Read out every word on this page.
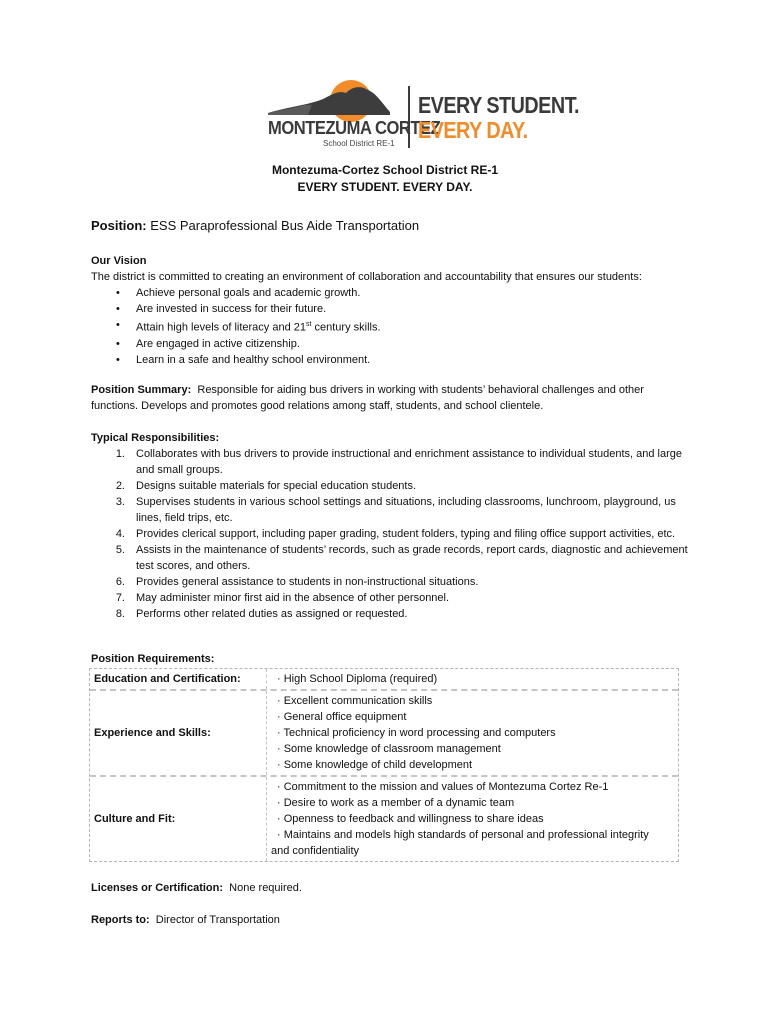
MONTEZUMA CORTEZ
School District RE-1
EVERY STUDENT.
EVERY DAY.
Montezuma-Cortez School District RE-1
EVERY STUDENT. EVERY DAY.
Position: ESS Paraprofessional Bus Aide Transportation
Our Vision
The district is committed to creating an environment of collaboration and accountability that ensures our students:
• Achieve personal goals and academic growth.
• Are invested in success for their future.
• Attain high levels of literacy and 21st century skills.
• Are engaged in active citizenship.
• Learn in a safe and healthy school environment.
Position Summary: Responsible for aiding bus drivers in working with students’ behavioral challenges and other functions. Develops and promotes good relations among staff, students, and school clientele.
Typical Responsibilities:
1. Collaborates with bus drivers to provide instructional and enrichment assistance to individual students, and large and small groups.
2. Designs suitable materials for special education students.
3. Supervises students in various school settings and situations, including classrooms, lunchroom, playground, us lines, field trips, etc.
4. Provides clerical support, including paper grading, student folders, typing and filing office support activities, etc.
5. Assists in the maintenance of students’ records, such as grade records, report cards, diagnostic and achievement test scores, and others.
6. Provides general assistance to students in non-instructional situations.
7. May administer minor first aid in the absence of other personnel.
8. Performs other related duties as assigned or requested.
Position Requirements:
Education and Certification:	· High School Diploma (required)
Experience and Skills:
· Excellent communication skills
· General office equipment
· Technical proficiency in word processing and computers
· Some knowledge of classroom management
· Some knowledge of child development
Culture and Fit:
· Commitment to the mission and values of Montezuma Cortez Re-1
· Desire to work as a member of a dynamic team
· Openness to feedback and willingness to share ideas
· Maintains and models high standards of personal and professional integrity
and confidentiality
Licenses or Certification: None required.
Reports to: Director of Transportation
